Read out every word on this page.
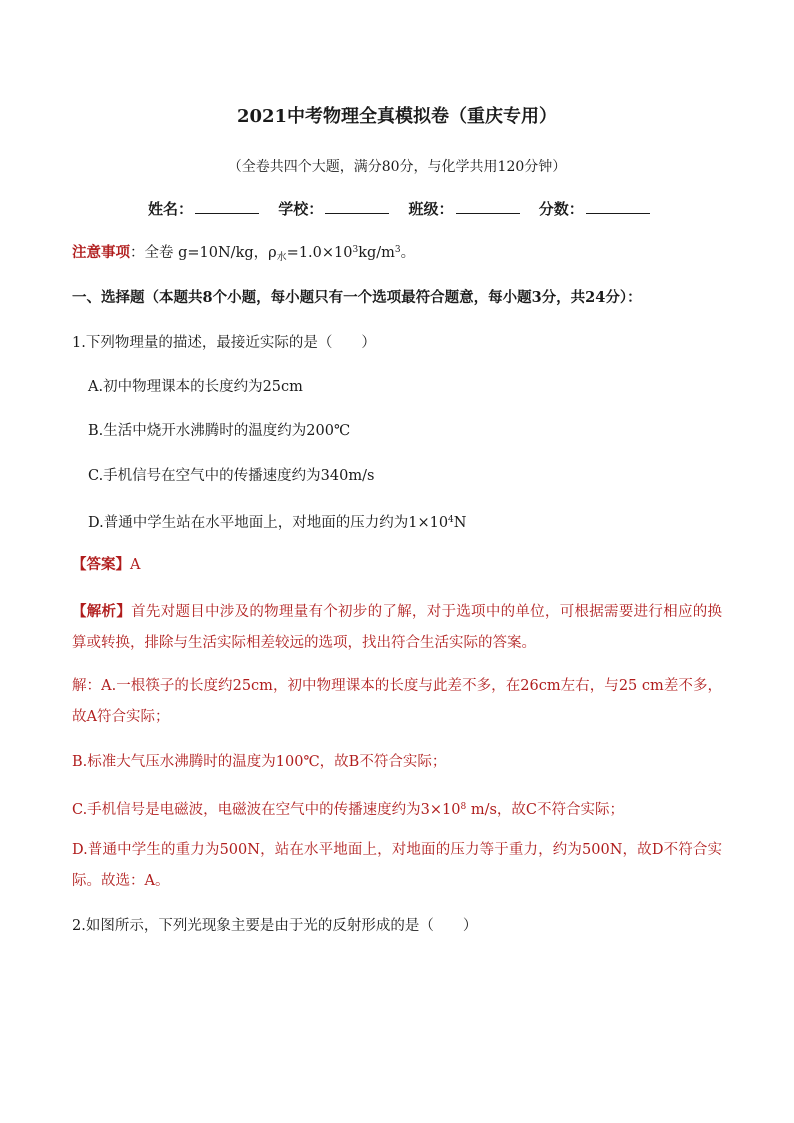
2021中考物理全真模拟卷（重庆专用）
（全卷共四个大题，满分80分，与化学共用120分钟）
姓名：	学校：	班级：	分数：
注意事项：全卷 g=10N/kg，$\rho_水=1.0\times 10^3kg/m^3$。
一、选择题（本题共8个小题，每小题只有一个选项最符合题意，每小题3分，共24分）：
1.下列物理量的描述，最接近实际的是（　　）
A.初中物理课本的长度约为25cm
B.生活中烧开水沸腾时的温度约为200℃
C.手机信号在空气中的传播速度约为340m/s
D.普通中学生站在水平地面上，对地面的压力约为$1\times 10^4N$
【答案】A
【解析】首先对题目中涉及的物理量有个初步的了解，对于选项中的单位，可根据需要进行相应的换算或转换，排除与生活实际相差较远的选项，找出符合生活实际的答案。
解：A.一根筷子的长度约25cm，初中物理课本的长度与此差不多，在26cm左右，与25 cm差不多，故A符合实际；
B.标准大气压水沸腾时的温度为100℃，故B不符合实际；
C.手机信号是电磁波，电磁波在空气中的传播速度约为$3\times 10^8$ m/s，故C不符合实际；
D.普通中学生的重力为500N，站在水平地面上，对地面的压力等于重力，约为500N，故D不符合实际。故选：A。
2.如图所示，下列光现象主要是由于光的反射形成的是（　　）
